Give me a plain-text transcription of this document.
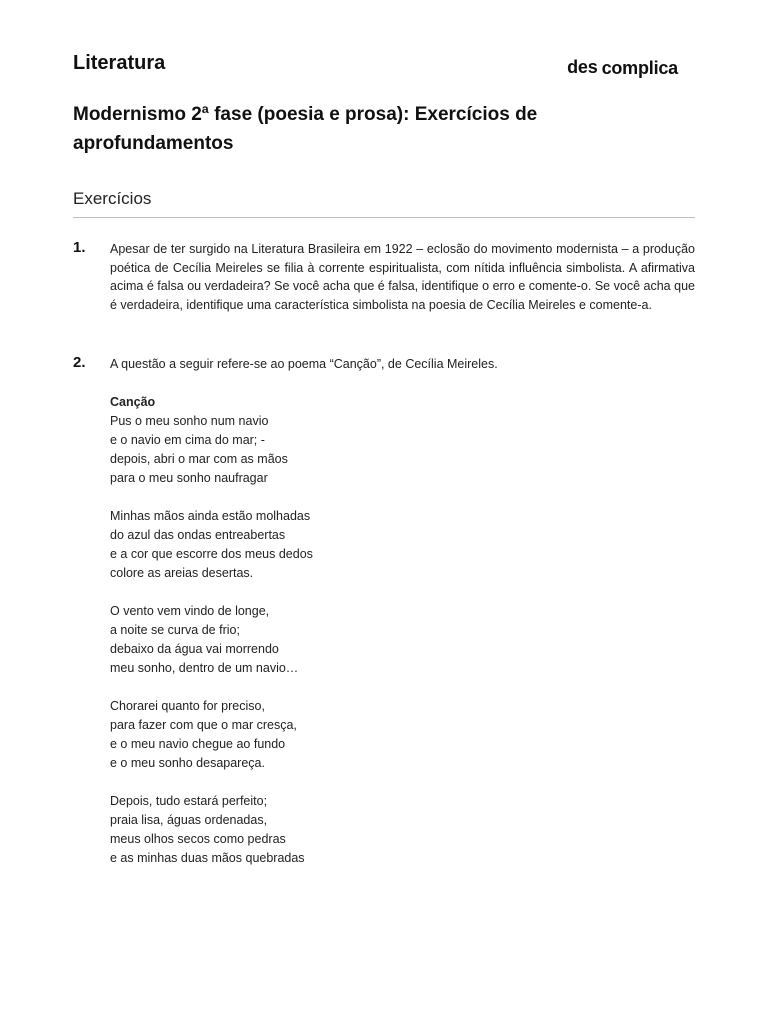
Literatura	des complica
Modernismo 2ª fase (poesia e prosa): Exercícios de aprofundamentos
Exercícios
1. Apesar de ter surgido na Literatura Brasileira em 1922 – eclosão do movimento modernista – a produção poética de Cecília Meireles se filia à corrente espiritualista, com nítida influência simbolista. A afirmativa acima é falsa ou verdadeira? Se você acha que é falsa, identifique o erro e comente-o. Se você acha que é verdadeira, identifique uma característica simbolista na poesia de Cecília Meireles e comente-a.
2. A questão a seguir refere-se ao poema “Canção”, de Cecília Meireles.
Canção
Pus o meu sonho num navio
e o navio em cima do mar; -
depois, abri o mar com as mãos
para o meu sonho naufragar
Minhas mãos ainda estão molhadas
do azul das ondas entreabertas
e a cor que escorre dos meus dedos
colore as areias desertas.
O vento vem vindo de longe,
a noite se curva de frio;
debaixo da água vai morrendo
meu sonho, dentro de um navio…
Chorarei quanto for preciso,
para fazer com que o mar cresça,
e o meu navio chegue ao fundo
e o meu sonho desapareça.
Depois, tudo estará perfeito;
praia lisa, águas ordenadas,
meus olhos secos como pedras
e as minhas duas mãos quebradas
